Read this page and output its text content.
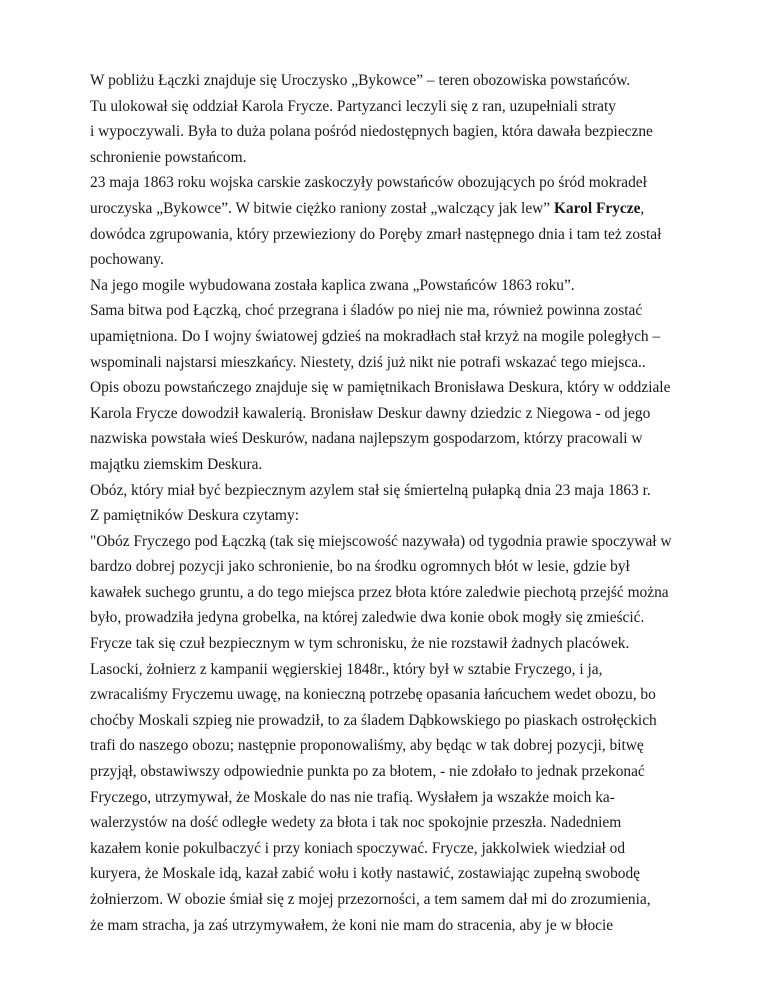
W pobliżu Łączki znajduje się Uroczysko „Bykowce” – teren obozowiska powstańców.
Tu ulokował się oddział Karola Frycze. Partyzanci leczyli się z ran, uzupełniali straty
i wypoczywali. Była to duża polana pośród niedostępnych bagien, która dawała bezpieczne
schronienie powstańcom.
23 maja 1863 roku wojska carskie zaskoczyły powstańców obozujących po śród mokradeł
uroczyska „Bykowce”. W bitwie ciężko raniony został „walczący jak lew” Karol Frycze,
dowódca zgrupowania, który przewieziony do Poręby zmarł następnego dnia i tam też został
pochowany.
Na jego mogile wybudowana została kaplica zwana „Powstańców 1863 roku”.
Sama bitwa pod Łączką, choć przegrana i śladów po niej nie ma, również powinna zostać
upamiętniona. Do I wojny światowej gdzieś na mokradłach stał krzyż na mogile poległych –
wspominali najstarsi mieszkańcy. Niestety, dziś już nikt nie potrafi wskazać tego miejsca..
Opis obozu powstańczego znajduje się w pamiętnikach Bronisława Deskura, który w oddziale
Karola Frycze dowodził kawalerią. Bronisław Deskur dawny dziedzic z Niegowa - od jego
nazwiska powstała wieś Deskurów, nadana najlepszym gospodarzom, którzy pracowali w
majątku ziemskim Deskura.
Obóz, który miał być bezpiecznym azylem stał się śmiertelną pułapką dnia 23 maja 1863 r.
Z pamiętników Deskura czytamy:
"Obóz Fryczego pod Łączką (tak się miejscowość nazywała) od tygodnia prawie spoczywał w
bardzo dobrej pozycji jako schronienie, bo na środku ogromnych błót w lesie, gdzie był
kawałek suchego gruntu, a do tego miejsca przez błota które zaledwie piechotą przejść można
było, prowadziła jedyna grobelka, na której zaledwie dwa konie obok mogły się zmieścić.
Frycze tak się czuł bezpiecznym w tym schronisku, że nie rozstawił żadnych placówek.
Lasocki, żołnierz z kampanii węgierskiej 1848r., który był w sztabie Fryczego, i ja,
zwracaliśmy Fryczemu uwagę, na konieczną potrzebę opasania łańcuchem wedet obozu, bo
choćby Moskali szpieg nie prowadził, to za śladem Dąbkowskiego po piaskach ostrołęckich
trafi do naszego obozu; następnie proponowaliśmy, aby będąc w tak dobrej pozycji, bitwę
przyjął, obstawiwszy odpowiednie punkta po za błotem, - nie zdołało to jednak przekonać
Fryczego, utrzymywał, że Moskale do nas nie trafią. Wysłałem ja wszakże moich ka-
walerzystów na dość odległe wedety za błota i tak noc spokojnie przeszła. Nadedniem
kazałem konie pokulbaczyć i przy koniach spoczywać. Frycze, jakkolwiek wiedział od
kuryera, że Moskale idą, kazał zabić wołu i kotły nastawić, zostawiając zupełną swobodę
żołnierzom. W obozie śmiał się z mojej przezorności, a tem samem dał mi do zrozumienia,
że mam stracha, ja zaś utrzymywałem, że koni nie mam do stracenia, aby je w błocie
